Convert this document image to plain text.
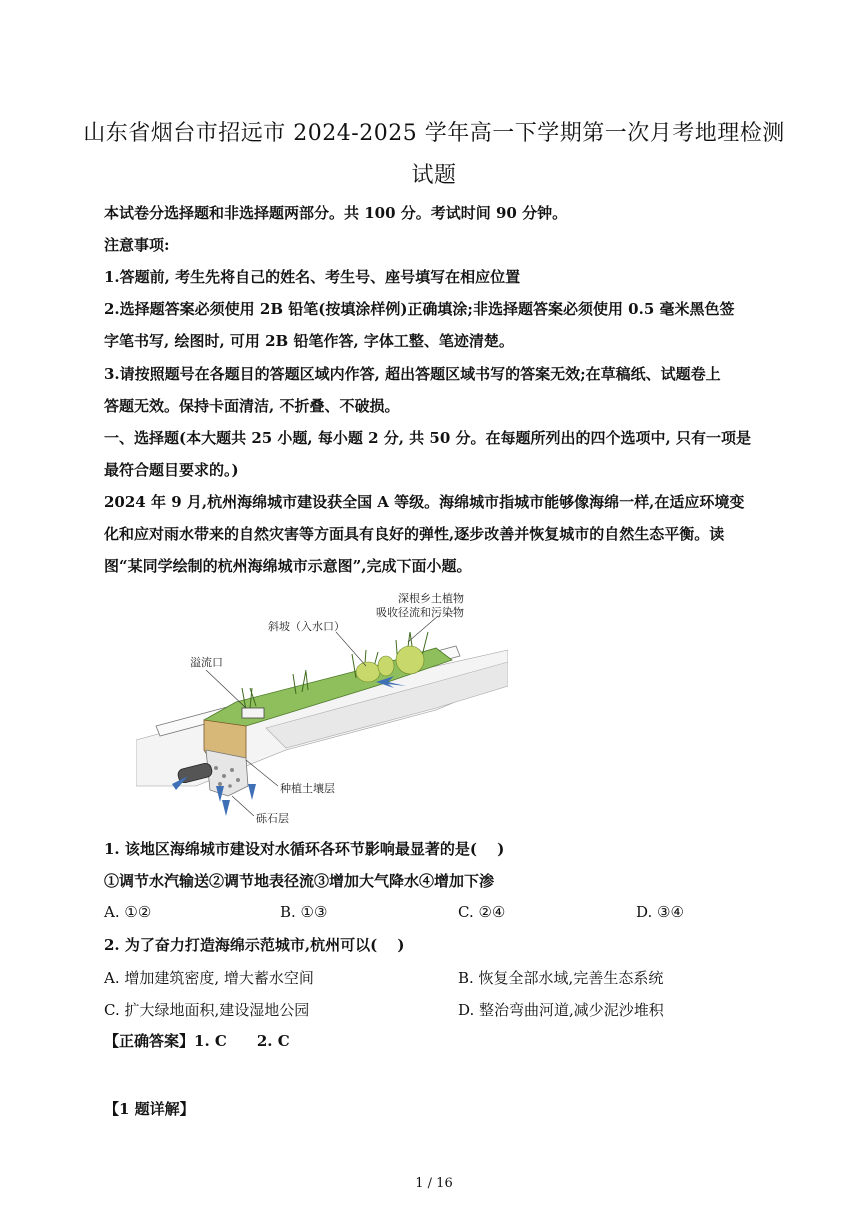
山东省烟台市招远市 2024-2025 学年高一下学期第一次月考地理检测
试题
本试卷分选择题和非选择题两部分。共 100 分。考试时间 90 分钟。
注意事项:
1.答题前, 考生先将自己的姓名、考生号、座号填写在相应位置
2.选择题答案必须使用 2B 铅笔(按填涂样例)正确填涂;非选择题答案必须使用 0.5 毫米黑色签
字笔书写, 绘图时, 可用 2B 铅笔作答, 字体工整、笔迹清楚。
3.请按照题号在各题目的答题区域内作答, 超出答题区域书写的答案无效;在草稿纸、试题卷上
答题无效。保持卡面清洁, 不折叠、不破损。
一、选择题(本大题共 25 小题, 每小题 2 分, 共 50 分。在每题所列出的四个选项中, 只有一项是
最符合题目要求的。)
2024 年 9 月,杭州海绵城市建设获全国 A 等级。海绵城市指城市能够像海绵一样,在适应环境变
化和应对雨水带来的自然灾害等方面具有良好的弹性,逐步改善并恢复城市的自然生态平衡。读
图“某同学绘制的杭州海绵城市示意图”,完成下面小题。
深根乡土植物
吸收径流和污染物
斜坡（入水口）
溢流口
种植土壤层
砾石层
1. 该地区海绵城市建设对水循环各环节影响最显著的是(　 )
①调节水汽输送②调节地表径流③增加大气降水④增加下渗
A. ①②	B. ①③	C. ②④	D. ③④
2. 为了奋力打造海绵示范城市,杭州可以(　 )
A. 增加建筑密度, 增大蓄水空间	B. 恢复全部水域,完善生态系统
C. 扩大绿地面积,建设湿地公园	D. 整治弯曲河道,减少泥沙堆积
【正确答案】1. C　　2. C
【1 题详解】
1 / 16
